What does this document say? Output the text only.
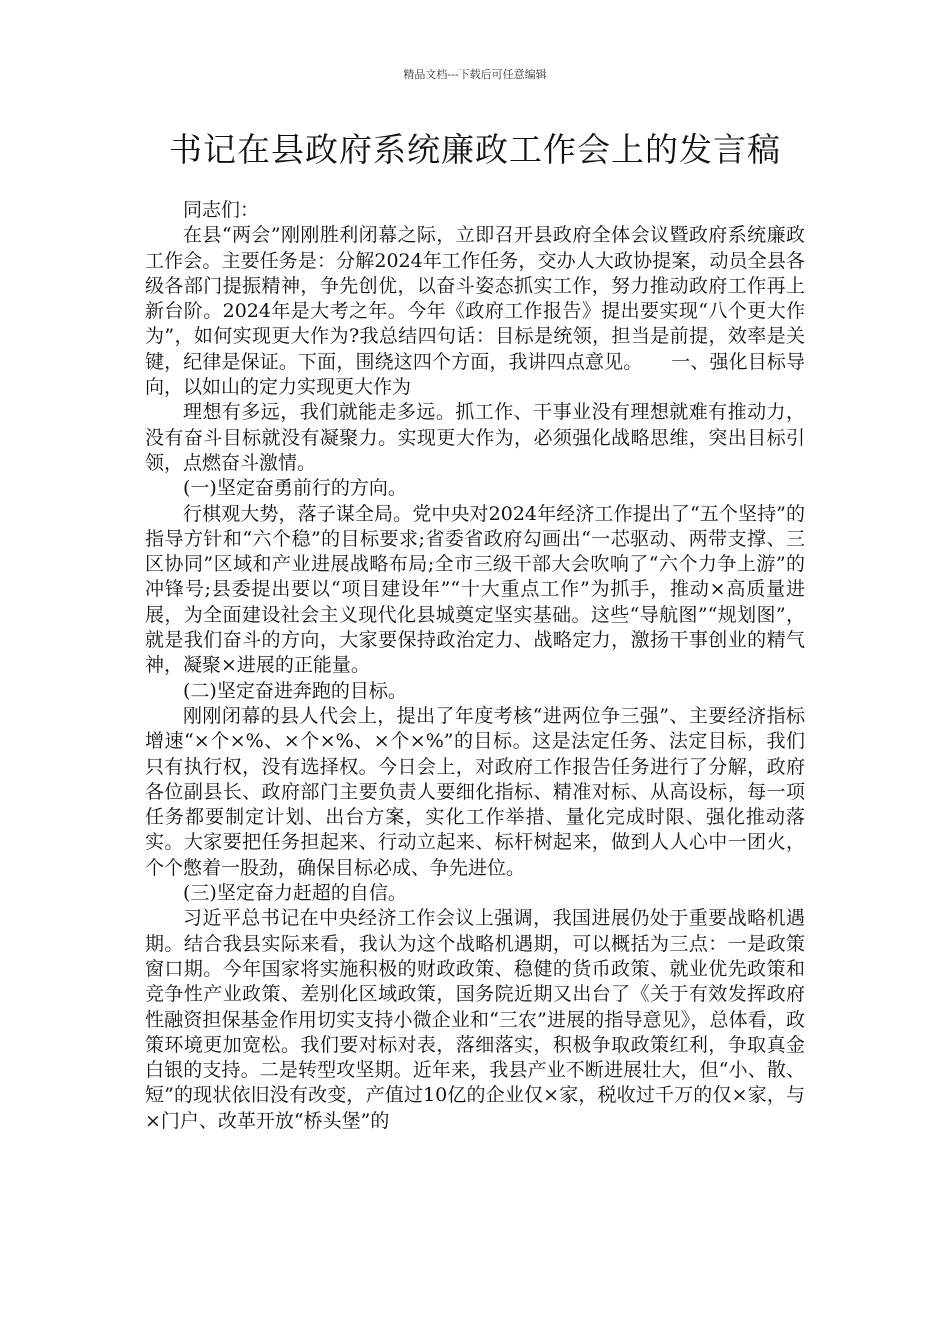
精品文档---下载后可任意编辑
书记在县政府系统廉政工作会上的发言稿

同志们：

在县“两会”刚刚胜利闭幕之际，立即召开县政府全体会议暨政府系统廉政工作会。主要任务是：分解2024年工作任务，交办人大政协提案，动员全县各级各部门提振精神，争先创优，以奋斗姿态抓实工作，努力推动政府工作再上新台阶。2024年是大考之年。今年《政府工作报告》提出要实现“八个更大作为”，如何实现更大作为?我总结四句话：目标是统领，担当是前提，效率是关键，纪律是保证。下面，围绕这四个方面，我讲四点意见。　　一、强化目标导向，以如山的定力实现更大作为

理想有多远，我们就能走多远。抓工作、干事业没有理想就难有推动力，没有奋斗目标就没有凝聚力。实现更大作为，必须强化战略思维，突出目标引领，点燃奋斗激情。

(一)坚定奋勇前行的方向。

行棋观大势，落子谋全局。党中央对2024年经济工作提出了“五个坚持”的指导方针和“六个稳”的目标要求;省委省政府勾画出“一芯驱动、两带支撑、三区协同”区域和产业进展战略布局;全市三级干部大会吹响了“六个力争上游”的冲锋号;县委提出要以“项目建设年”“十大重点工作”为抓手，推动×高质量进展，为全面建设社会主义现代化县城奠定坚实基础。这些“导航图”“规划图”，就是我们奋斗的方向，大家要保持政治定力、战略定力，激扬干事创业的精气神，凝聚×进展的正能量。

(二)坚定奋进奔跑的目标。

刚刚闭幕的县人代会上，提出了年度考核“进两位争三强”、主要经济指标增速“×个×%、×个×%、×个×%”的目标。这是法定任务、法定目标，我们只有执行权，没有选择权。今日会上，对政府工作报告任务进行了分解，政府各位副县长、政府部门主要负责人要细化指标、精准对标、从高设标，每一项任务都要制定计划、出台方案，实化工作举措、量化完成时限、强化推动落实。大家要把任务担起来、行动立起来、标杆树起来，做到人人心中一团火，个个憋着一股劲，确保目标必成、争先进位。

(三)坚定奋力赶超的自信。

习近平总书记在中央经济工作会议上强调，我国进展仍处于重要战略机遇期。结合我县实际来看，我认为这个战略机遇期，可以概括为三点：一是政策窗口期。今年国家将实施积极的财政政策、稳健的货币政策、就业优先政策和竞争性产业政策、差别化区域政策，国务院近期又出台了《关于有效发挥政府性融资担保基金作用切实支持小微企业和“三农”进展的指导意见》，总体看，政策环境更加宽松。我们要对标对表，落细落实，积极争取政策红利，争取真金白银的支持。二是转型攻坚期。近年来，我县产业不断进展壮大，但“小、散、短”的现状依旧没有改变，产值过10亿的企业仅×家，税收过千万的仅×家，与×门户、改革开放“桥头堡”的
